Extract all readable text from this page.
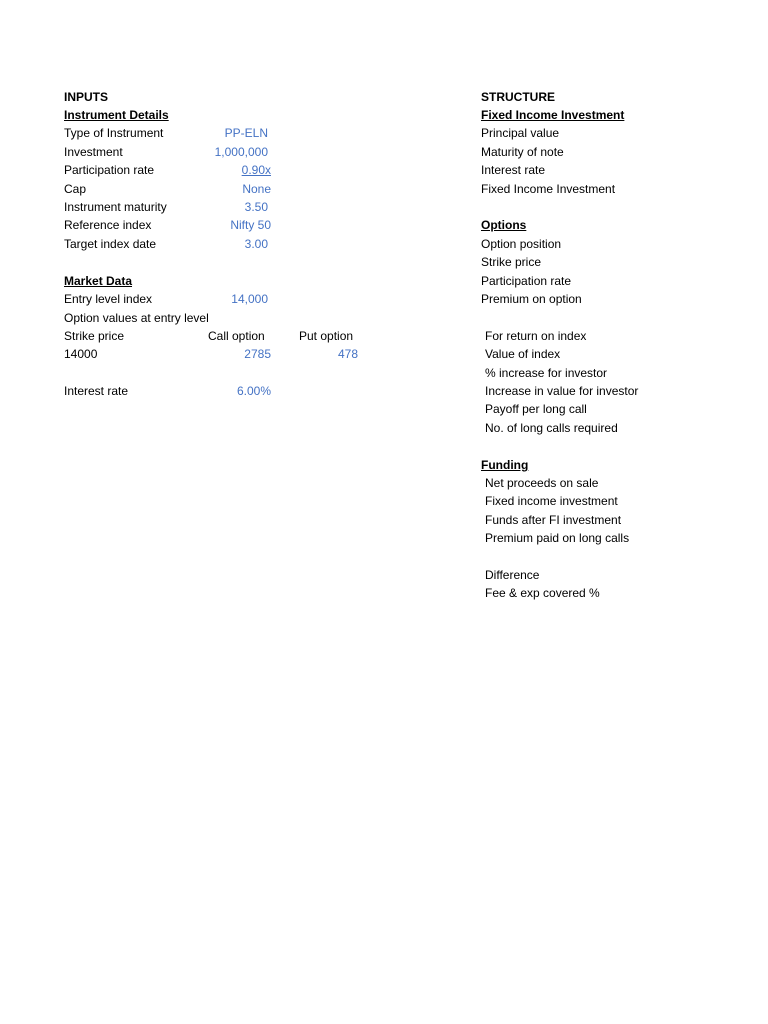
INPUTS
Instrument Details
Type of Instrument	PP-ELN
Investment	1,000,000
Participation rate	0.90x
Cap	None
Instrument maturity	3.50
Reference index	Nifty 50
Target index date	3.00
Market Data
Entry level index	14,000
Option values at entry level
Strike price	Call option	Put option
14000	2785	478
Interest rate	6.00%
STRUCTURE
Fixed Income Investment
Principal value
Maturity of note
Interest rate
Fixed Income Investment
Options
Option position
Strike price
Participation rate
Premium on option
For return on index
Value of index
% increase for investor
Increase in value for investor
Payoff per long call
No. of long calls required
Funding
Net proceeds on sale
Fixed income investment
Funds after FI investment
Premium paid on long calls
Difference
Fee & exp covered %
